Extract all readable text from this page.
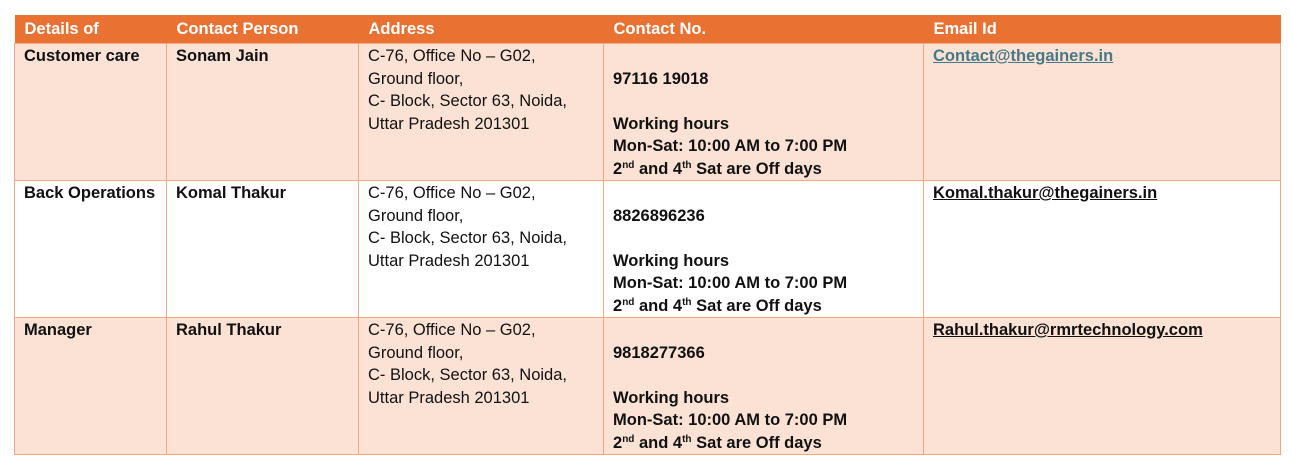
Details of	Contact Person	Address	Contact No.	Email Id
Customer care	Sonam Jain	C-76, Office No – G02,
Ground floor,
C- Block, Sector 63, Noida,
Uttar Pradesh 201301	97116 19018
Working hours
Mon-Sat: 10:00 AM to 7:00 PM
2nd and 4th Sat are Off days	Contact@thegainers.in
Back Operations	Komal Thakur	C-76, Office No – G02,
Ground floor,
C- Block, Sector 63, Noida,
Uttar Pradesh 201301	8826896236
Working hours
Mon-Sat: 10:00 AM to 7:00 PM
2nd and 4th Sat are Off days	Komal.thakur@thegainers.in
Manager	Rahul Thakur	C-76, Office No – G02,
Ground floor,
C- Block, Sector 63, Noida,
Uttar Pradesh 201301	9818277366
Working hours
Mon-Sat: 10:00 AM to 7:00 PM
2nd and 4th Sat are Off days	Rahul.thakur@rmrtechnology.com
